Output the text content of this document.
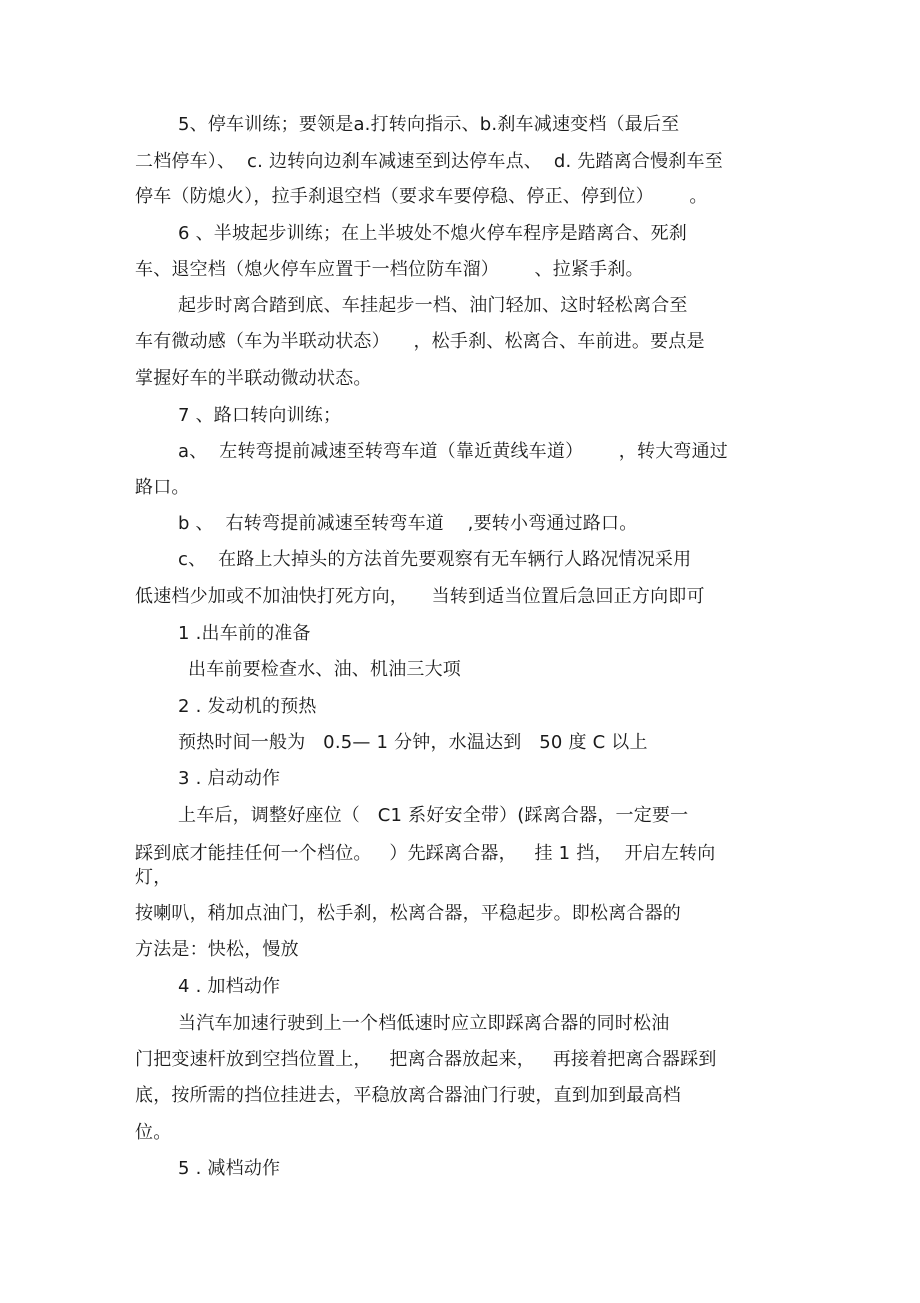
5、停车训练；要领是a.打转向指示、b.刹车减速变档（最后至
二档停车）、  c. 边转向边刹车减速至到达停车点、  d. 先踏离合慢刹车至
停车（防熄火），拉手刹退空档（要求车要停稳、停正、停到位）      。
6 、半坡起步训练；在上半坡处不熄火停车程序是踏离合、死刹
车、退空档（熄火停车应置于一档位防车溜）      、拉紧手刹。
起步时离合踏到底、车挂起步一档、油门轻加、这时轻松离合至
车有微动感（车为半联动状态）    ，松手刹、松离合、车前进。要点是
掌握好车的半联动微动状态。
7 、路口转向训练；
a、  左转弯提前减速至转弯车道（靠近黄线车道）      ，转大弯通过
路口。
b 、  右转弯提前减速至转弯车道    ,要转小弯通过路口。
c、  在路上大掉头的方法首先要观察有无车辆行人路况情况采用
低速档少加或不加油快打死方向，    当转到适当位置后急回正方向即可
1 .出车前的准备
出车前要检查水、油、机油三大项
2 . 发动机的预热
预热时间一般为   0.5— 1 分钟，水温达到   50 度 C 以上
3 . 启动动作
上车后，调整好座位（   C1 系好安全带）(踩离合器，一定要一
踩到底才能挂任何一个档位。   ）先踩离合器，   挂 1 挡，  开启左转向
灯，
按喇叭，稍加点油门，松手刹，松离合器，平稳起步。即松离合器的
方法是：快松，慢放
4 . 加档动作
当汽车加速行驶到上一个档低速时应立即踩离合器的同时松油
门把变速杆放到空挡位置上，   把离合器放起来，   再接着把离合器踩到
底，按所需的挡位挂进去，平稳放离合器油门行驶，直到加到最高档
位。
5 . 减档动作
